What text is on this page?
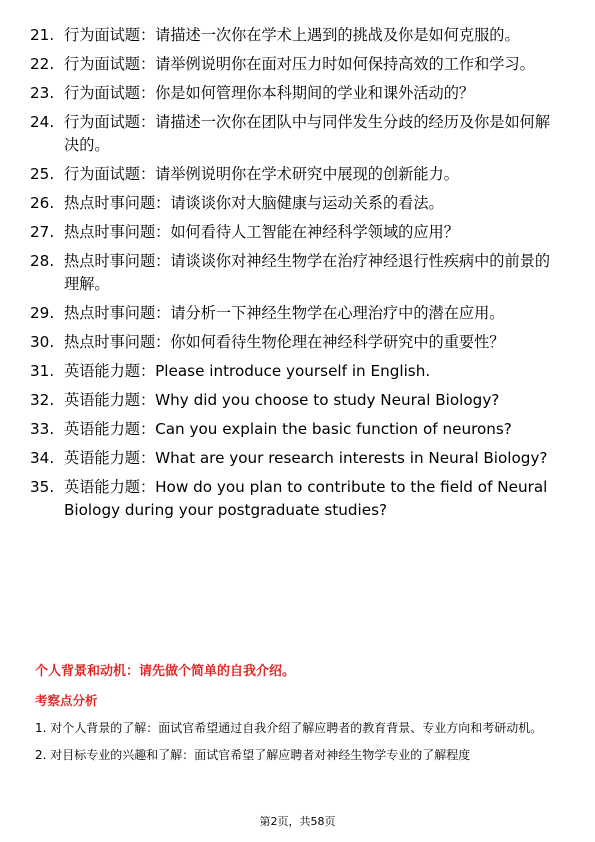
21. 行为面试题：请描述一次你在学术上遇到的挑战及你是如何克服的。
22. 行为面试题：请举例说明你在面对压力时如何保持高效的工作和学习。
23. 行为面试题：你是如何管理你本科期间的学业和课外活动的？
24. 行为面试题：请描述一次你在团队中与同伴发生分歧的经历及你是如何解决的。
25. 行为面试题：请举例说明你在学术研究中展现的创新能力。
26. 热点时事问题：请谈谈你对大脑健康与运动关系的看法。
27. 热点时事问题：如何看待人工智能在神经科学领域的应用？
28. 热点时事问题：请谈谈你对神经生物学在治疗神经退行性疾病中的前景的理解。
29. 热点时事问题：请分析一下神经生物学在心理治疗中的潜在应用。
30. 热点时事问题：你如何看待生物伦理在神经科学研究中的重要性？
31. 英语能力题：Please introduce yourself in English.
32. 英语能力题：Why did you choose to study Neural Biology?
33. 英语能力题：Can you explain the basic function of neurons?
34. 英语能力题：What are your research interests in Neural Biology?
35. 英语能力题：How do you plan to contribute to the field of Neural Biology during your postgraduate studies?
个人背景和动机：请先做个简单的自我介绍。
考察点分析
1. 对个人背景的了解：面试官希望通过自我介绍了解应聘者的教育背景、专业方向和考研动机。
2. 对目标专业的兴趣和了解：面试官希望了解应聘者对神经生物学专业的了解程度
第2页，共58页
